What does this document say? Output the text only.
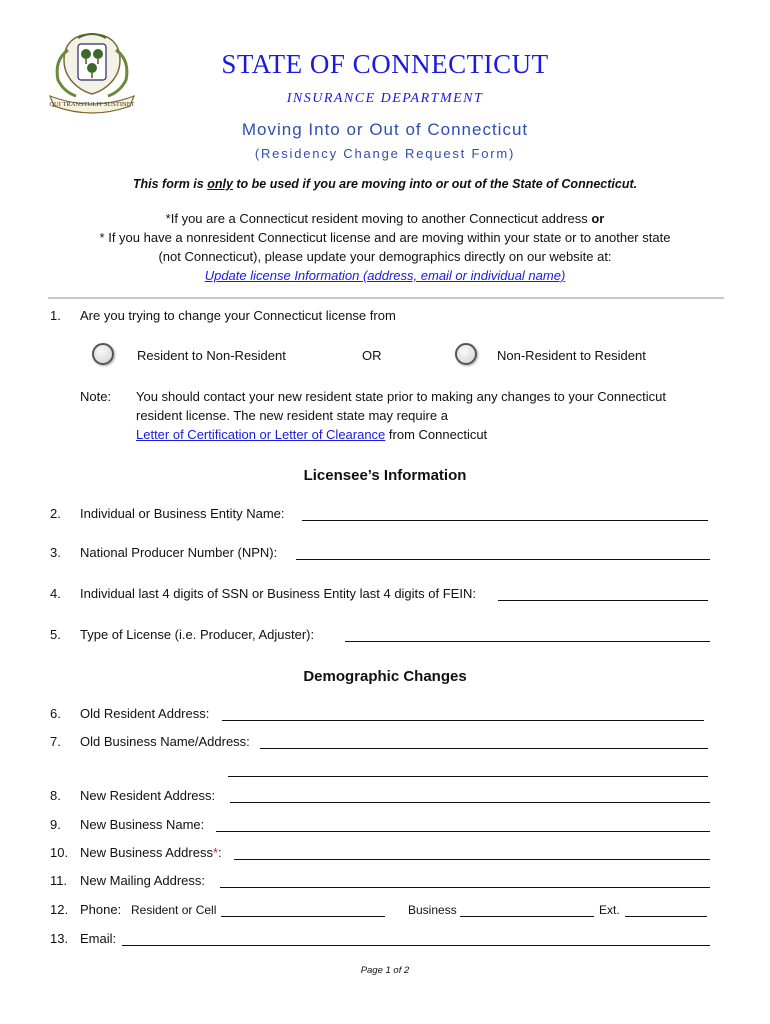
QUI TRANSTULIT SUSTINET
STATE OF CONNECTICUT
INSURANCE DEPARTMENT
Moving Into or Out of Connecticut
(Residency Change Request Form)
This form is only to be used if you are moving into or out of the State of Connecticut.
*If you are a Connecticut resident moving to another Connecticut address or
* If you have a nonresident Connecticut license and are moving within your state or to another state
(not Connecticut), please update your demographics directly on our website at:
Update license Information (address, email or individual name)
1. Are you trying to change your Connecticut license from
Resident to Non-Resident	OR	Non-Resident to Resident
Note: You should contact your new resident state prior to making any changes to your Connecticut
resident license. The new resident state may require a
Letter of Certification or Letter of Clearance from Connecticut
Licensee’s Information
2. Individual or Business Entity Name:
3. National Producer Number (NPN):
4. Individual last 4 digits of SSN or Business Entity last 4 digits of FEIN:
5. Type of License (i.e. Producer, Adjuster):
Demographic Changes
6. Old Resident Address:
7. Old Business Name/Address:
8. New Resident Address:
9. New Business Name:
10. New Business Address*:
11. New Mailing Address:
12. Phone: Resident or Cell	Business	Ext.
13. Email:
Page 1 of 2
